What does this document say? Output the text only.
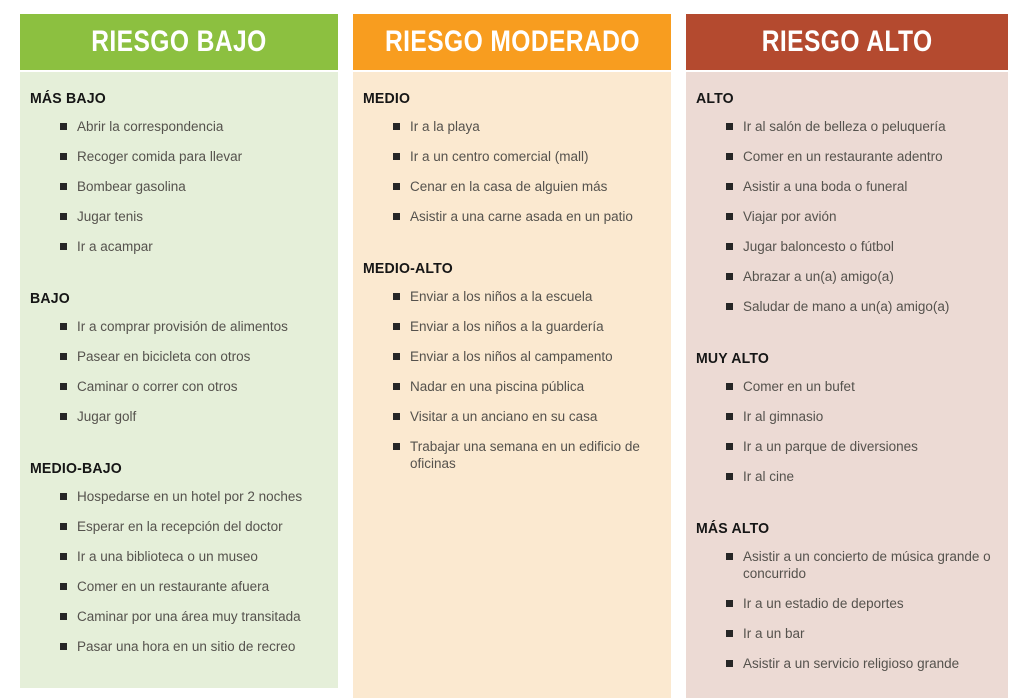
RIESGO BAJO
MÁS BAJO
Abrir la correspondencia
Recoger comida para llevar
Bombear gasolina
Jugar tenis
Ir a acampar
BAJO
Ir a comprar provisión de alimentos
Pasear en bicicleta con otros
Caminar o correr con otros
Jugar golf
MEDIO-BAJO
Hospedarse en un hotel por 2 noches
Esperar en la recepción del doctor
Ir a una biblioteca o un museo
Comer en un restaurante afuera
Caminar por una área muy transitada
Pasar una hora en un sitio de recreo
RIESGO MODERADO
MEDIO
Ir a la playa
Ir a un centro comercial (mall)
Cenar en la casa de alguien más
Asistir a una carne asada en un patio
MEDIO-ALTO
Enviar a los niños a la escuela
Enviar a los niños a la guardería
Enviar a los niños al campamento
Nadar en una piscina pública
Visitar a un anciano en su casa
Trabajar una semana en un edificio de oficinas
RIESGO ALTO
ALTO
Ir al salón de belleza o peluquería
Comer en un restaurante adentro
Asistir a una boda o funeral
Viajar por avión
Jugar baloncesto o fútbol
Abrazar a un(a) amigo(a)
Saludar de mano a un(a) amigo(a)
MUY ALTO
Comer en un bufet
Ir al gimnasio
Ir a un parque de diversiones
Ir al cine
MÁS ALTO
Asistir a un concierto de música grande o concurrido
Ir a un estadio de deportes
Ir a un bar
Asistir a un servicio religioso grande
